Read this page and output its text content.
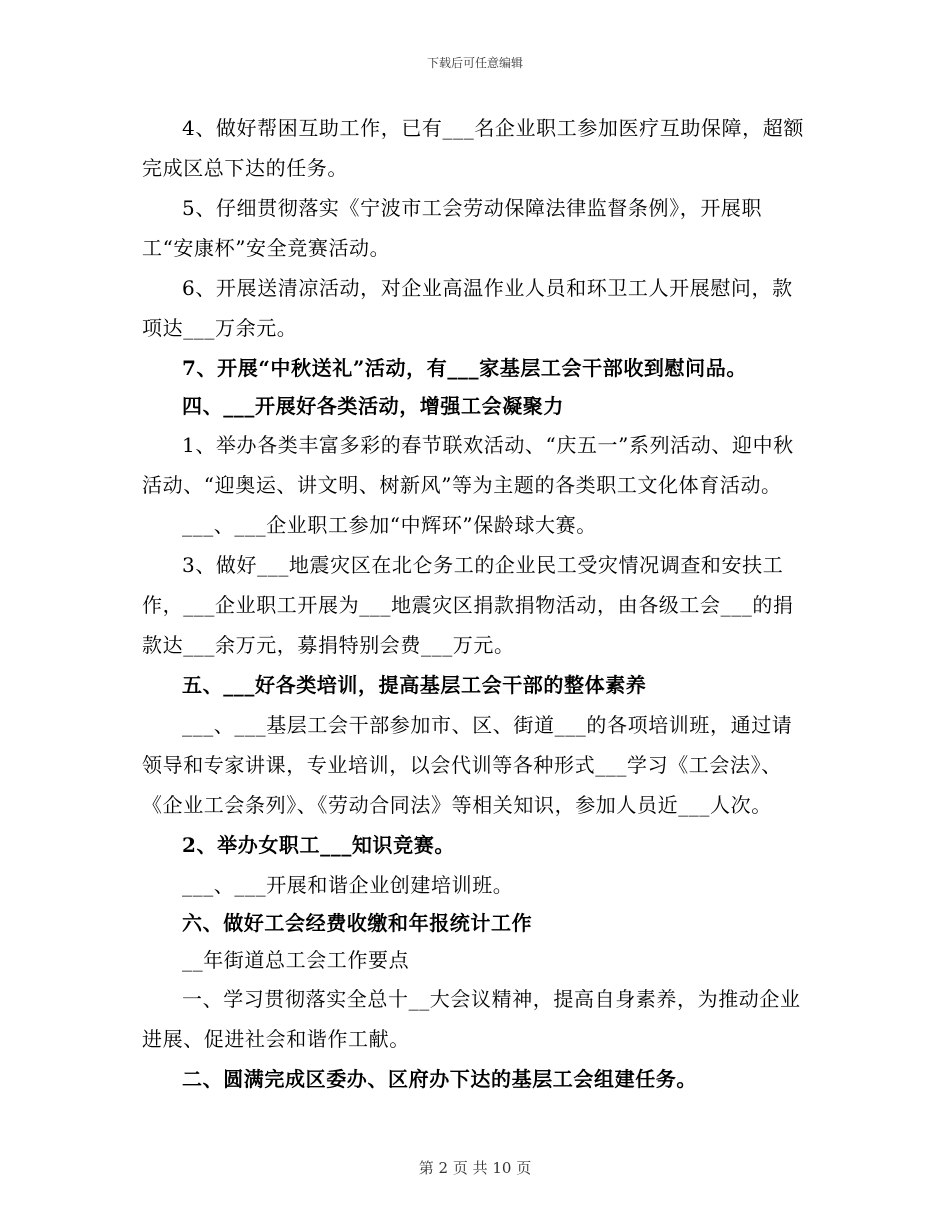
下载后可任意编辑

4、做好帮困互助工作，已有___名企业职工参加医疗互助保障，超额完成区总下达的任务。

5、仔细贯彻落实《宁波市工会劳动保障法律监督条例》，开展职工“安康杯”安全竞赛活动。

6、开展送清凉活动，对企业高温作业人员和环卫工人开展慰问，款项达___万余元。

7、开展“中秋送礼”活动，有___家基层工会干部收到慰问品。

四、___开展好各类活动，增强工会凝聚力

1、举办各类丰富多彩的春节联欢活动、“庆五一”系列活动、迎中秋活动、“迎奥运、讲文明、树新风”等为主题的各类职工文化体育活动。

___、___企业职工参加“中辉环”保龄球大赛。

3、做好___地震灾区在北仑务工的企业民工受灾情况调查和安扶工作，___企业职工开展为___地震灾区捐款捐物活动，由各级工会___的捐款达___余万元，募捐特别会费___万元。

五、___好各类培训，提高基层工会干部的整体素养

___、___基层工会干部参加市、区、街道___的各项培训班，通过请领导和专家讲课，专业培训，以会代训等各种形式___学习《工会法》、《企业工会条列》、《劳动合同法》等相关知识，参加人员近___人次。

2、举办女职工___知识竞赛。

___、___开展和谐企业创建培训班。

六、做好工会经费收缴和年报统计工作

__年街道总工会工作要点

一、学习贯彻落实全总十__大会议精神，提高自身素养，为推动企业进展、促进社会和谐作工献。

二、圆满完成区委办、区府办下达的基层工会组建任务。

第 2 页 共 10 页
